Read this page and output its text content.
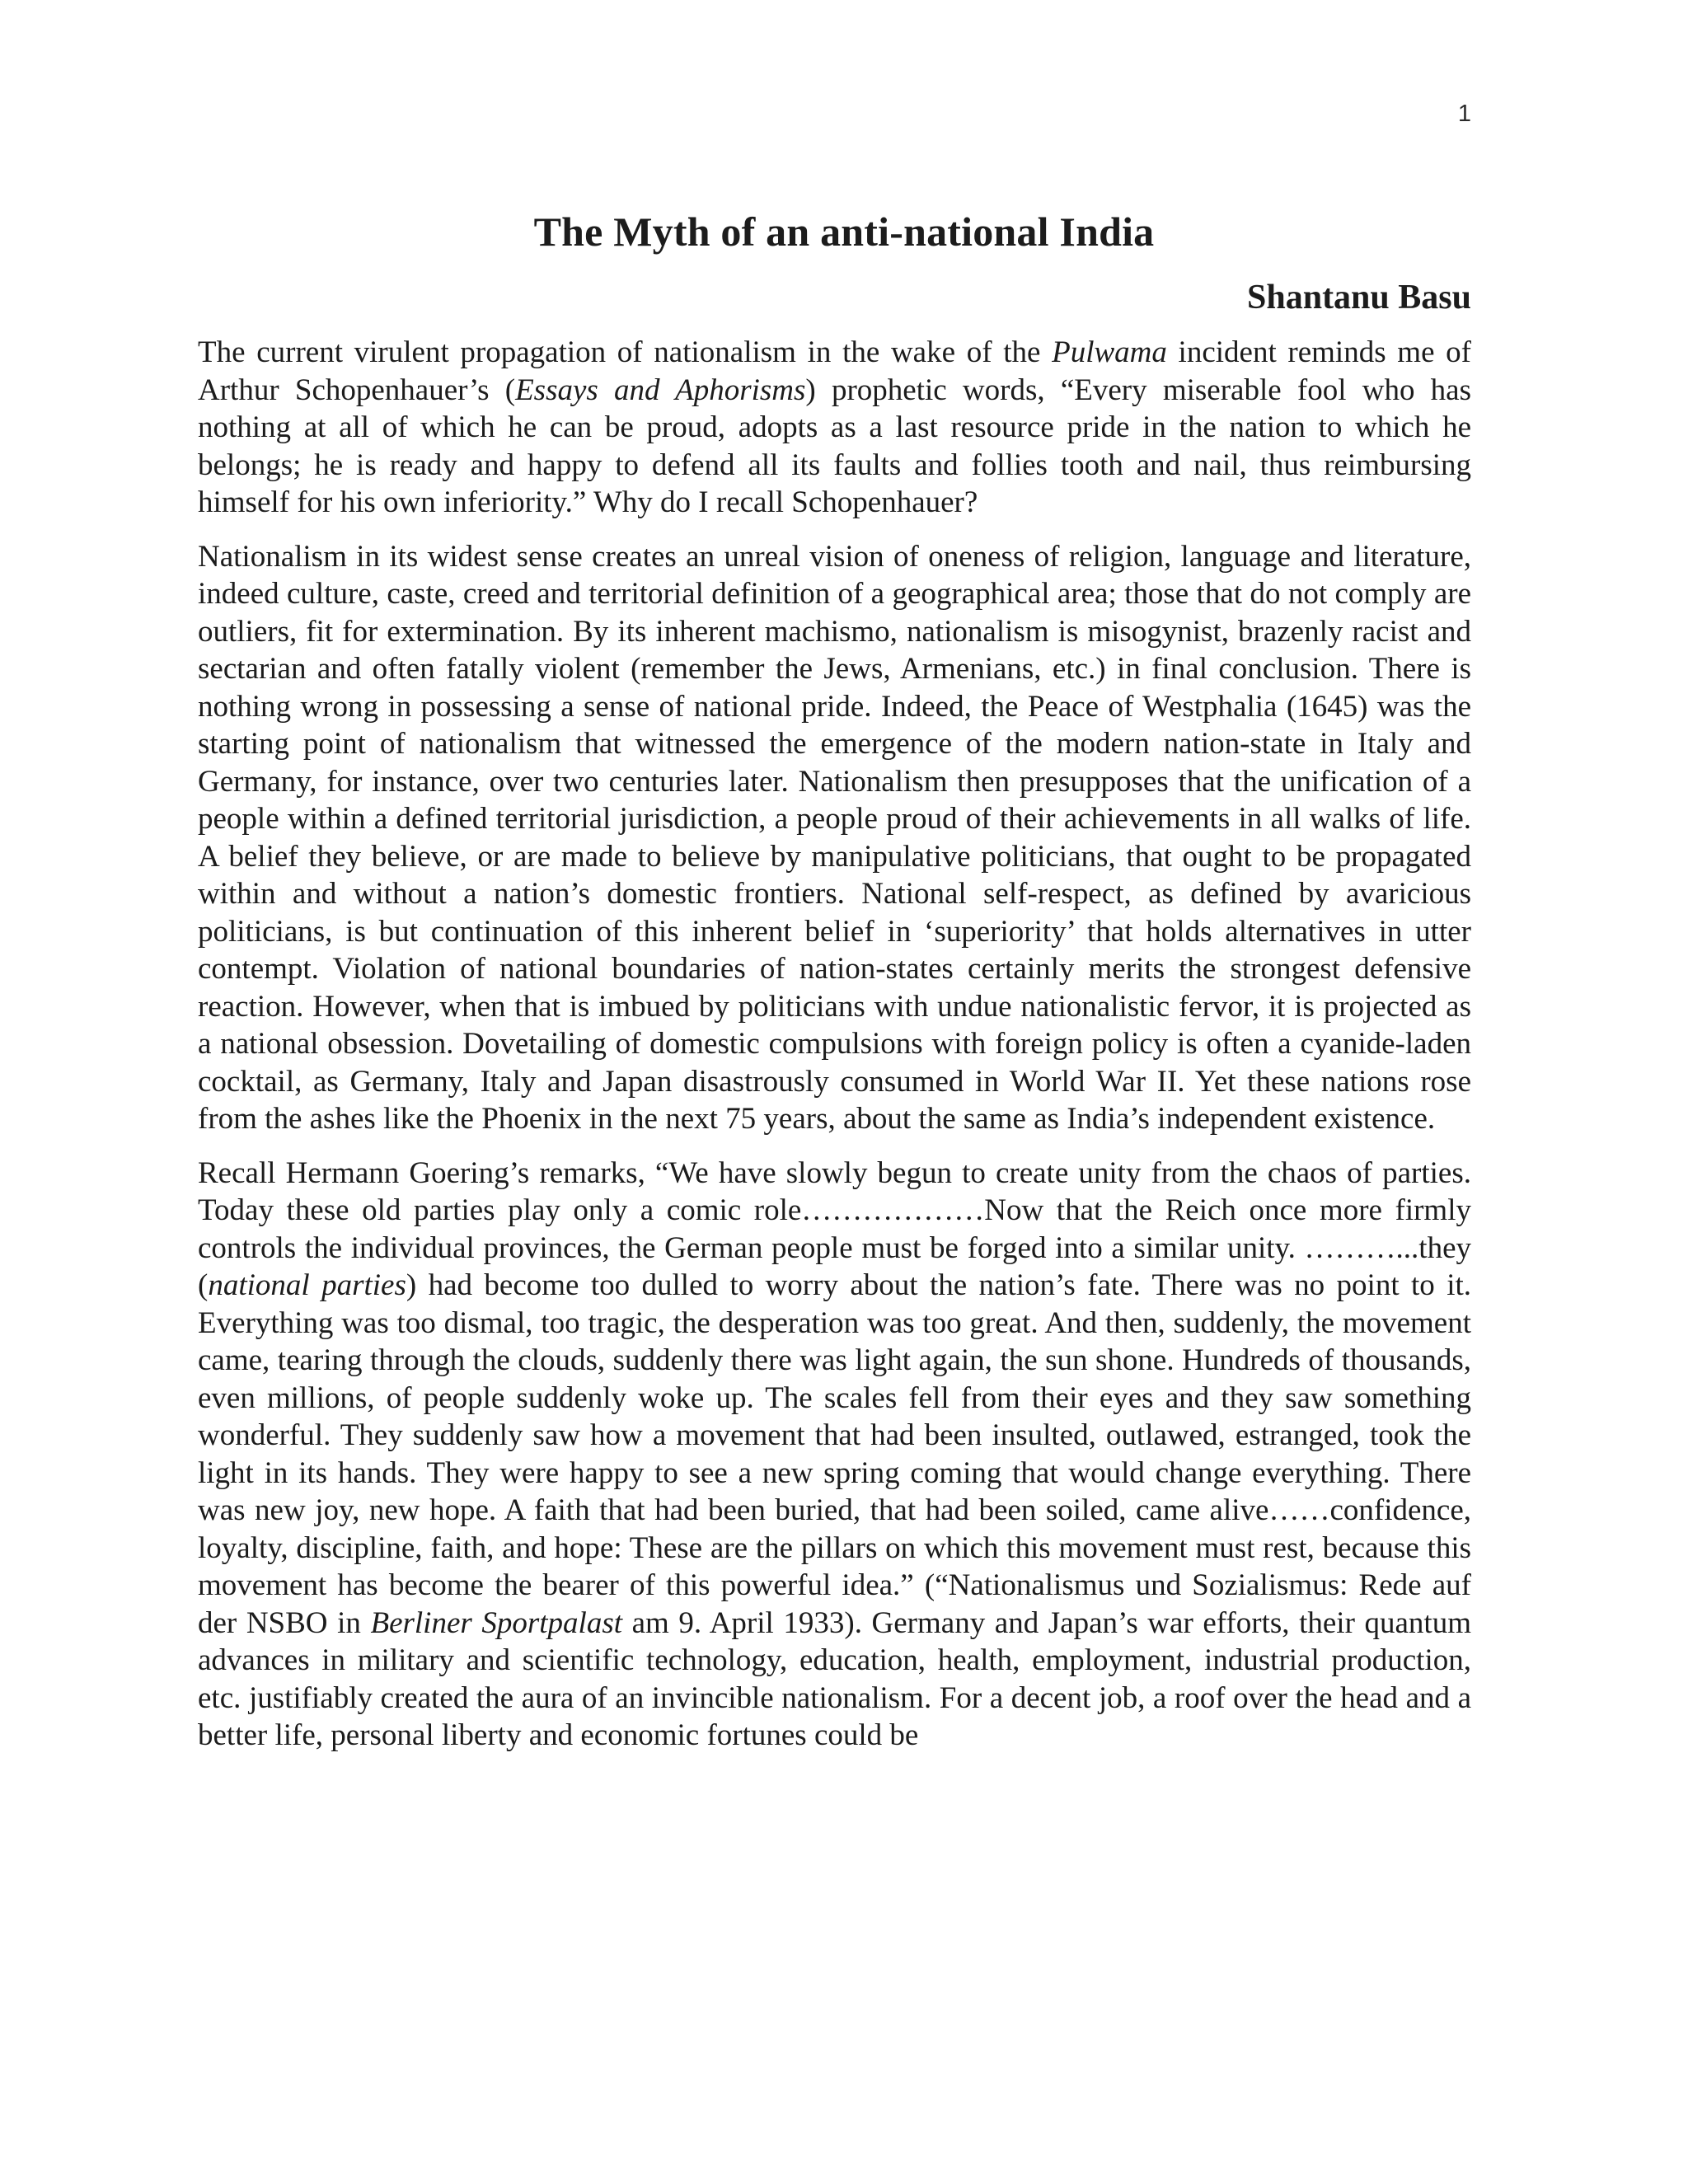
1
The Myth of an anti-national India
Shantanu Basu

The current virulent propagation of nationalism in the wake of the Pulwama incident reminds me of Arthur Schopenhauer’s (Essays and Aphorisms) prophetic words, “Every miserable fool who has nothing at all of which he can be proud, adopts as a last resource pride in the nation to which he belongs; he is ready and happy to defend all its faults and follies tooth and nail, thus reimbursing himself for his own inferiority.” Why do I recall Schopenhauer?

Nationalism in its widest sense creates an unreal vision of oneness of religion, language and literature, indeed culture, caste, creed and territorial definition of a geographical area; those that do not comply are outliers, fit for extermination. By its inherent machismo, nationalism is misogynist, brazenly racist and sectarian and often fatally violent (remember the Jews, Armenians, etc.) in final conclusion. There is nothing wrong in possessing a sense of national pride. Indeed, the Peace of Westphalia (1645) was the starting point of nationalism that witnessed the emergence of the modern nation-state in Italy and Germany, for instance, over two centuries later. Nationalism then presupposes that the unification of a people within a defined territorial jurisdiction, a people proud of their achievements in all walks of life. A belief they believe, or are made to believe by manipulative politicians, that ought to be propagated within and without a nation’s domestic frontiers. National self-respect, as defined by avaricious politicians, is but continuation of this inherent belief in ‘superiority’ that holds alternatives in utter contempt. Violation of national boundaries of nation-states certainly merits the strongest defensive reaction. However, when that is imbued by politicians with undue nationalistic fervor, it is projected as a national obsession. Dovetailing of domestic compulsions with foreign policy is often a cyanide-laden cocktail, as Germany, Italy and Japan disastrously consumed in World War II. Yet these nations rose from the ashes like the Phoenix in the next 75 years, about the same as India’s independent existence.

Recall Hermann Goering’s remarks, “We have slowly begun to create unity from the chaos of parties. Today these old parties play only a comic role………………Now that the Reich once more firmly controls the individual provinces, the German people must be forged into a similar unity. ………...they (national parties) had become too dulled to worry about the nation’s fate. There was no point to it. Everything was too dismal, too tragic, the desperation was too great. And then, suddenly, the movement came, tearing through the clouds, suddenly there was light again, the sun shone. Hundreds of thousands, even millions, of people suddenly woke up. The scales fell from their eyes and they saw something wonderful. They suddenly saw how a movement that had been insulted, outlawed, estranged, took the light in its hands. They were happy to see a new spring coming that would change everything. There was new joy, new hope. A faith that had been buried, that had been soiled, came alive……confidence, loyalty, discipline, faith, and hope: These are the pillars on which this movement must rest, because this movement has become the bearer of this powerful idea.” (“Nationalismus und Sozialismus: Rede auf der NSBO in Berliner Sportpalast am 9. April 1933). Germany and Japan’s war efforts, their quantum advances in military and scientific technology, education, health, employment, industrial production, etc. justifiably created the aura of an invincible nationalism. For a decent job, a roof over the head and a better life, personal liberty and economic fortunes could be
